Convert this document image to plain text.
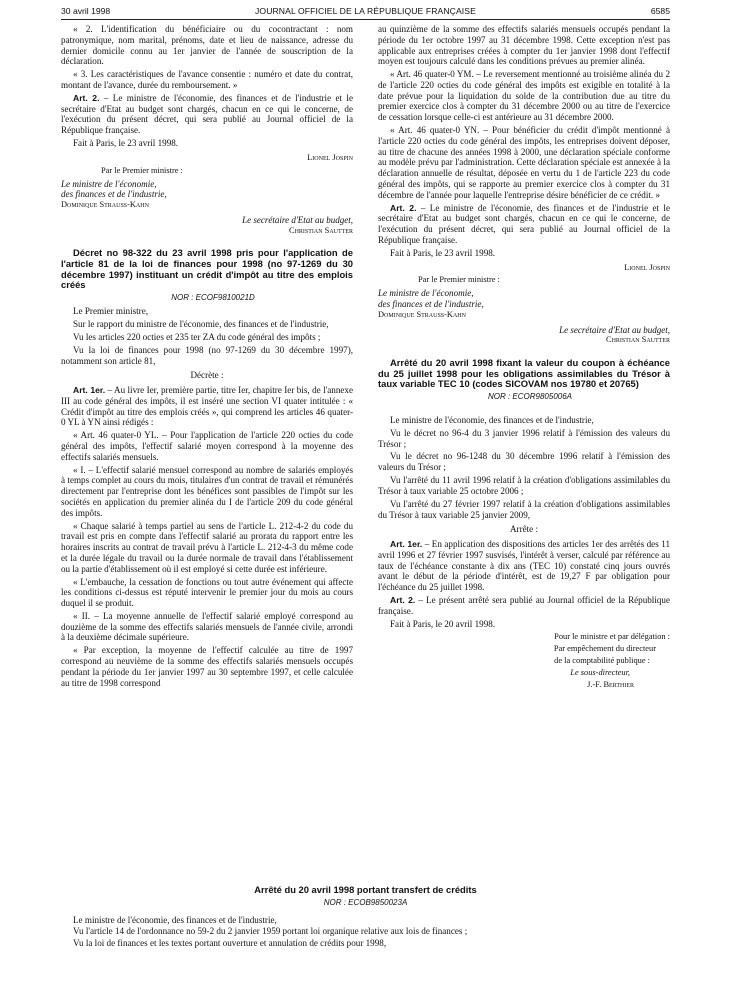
30 avril 1998	JOURNAL OFFICIEL DE LA RÉPUBLIQUE FRANÇAISE	6585

« 2. L'identification du bénéficiaire ou du cocontractant : nom patronymique, nom marital, prénoms, date et lieu de naissance, adresse du dernier domicile connu au 1er janvier de l'année de souscription de la déclaration.

« 3. Les caractéristiques de l'avance consentie : numéro et date du contrat, montant de l'avance, durée du remboursement. »

Art. 2. – Le ministre de l'économie, des finances et de l'industrie et le secrétaire d'Etat au budget sont chargés, chacun en ce qui le concerne, de l'exécution du présent décret, qui sera publié au Journal officiel de la République française.

Fait à Paris, le 23 avril 1998.

Lionel Jospin

Par le Premier ministre :

Le ministre de l'économie,

des finances et de l'industrie,

Dominique Strauss-Kahn

Le secrétaire d'Etat au budget,

Christian Sautter

Décret no 98-322 du 23 avril 1998 pris pour l'application de l'article 81 de la loi de finances pour 1998 (no 97-1269 du 30 décembre 1997) instituant un crédit d'impôt au titre des emplois créés

NOR : ECOF9810021D

Le Premier ministre,

Sur le rapport du ministre de l'économie, des finances et de l'industrie,

Vu les articles 220 octies et 235 ter ZA du code général des impôts ;

Vu la loi de finances pour 1998 (no 97-1269 du 30 décembre 1997), notamment son article 81,

Décrète :

Art. 1er. – Au livre Ier, première partie, titre Ier, chapitre Ier bis, de l'annexe III au code général des impôts, il est inséré une section VI quater intitulée : « Crédit d'impôt au titre des emplois créés », qui comprend les articles 46 quater-0 YL à YN ainsi rédigés :

« Art. 46 quater-0 YL. – Pour l'application de l'article 220 octies du code général des impôts, l'effectif salarié moyen correspond à la moyenne des effectifs salariés mensuels.

« I. – L'effectif salarié mensuel correspond au nombre de salariés employés à temps complet au cours du mois, titulaires d'un contrat de travail et rémunérés directement par l'entreprise dont les bénéfices sont passibles de l'impôt sur les sociétés en application du premier alinéa du I de l'article 209 du code général des impôts.

« Chaque salarié à temps partiel au sens de l'article L. 212-4-2 du code du travail est pris en compte dans l'effectif salarié au prorata du rapport entre les horaires inscrits au contrat de travail prévu à l'article L. 212-4-3 du même code et la durée légale du travail ou la durée normale de travail dans l'établissement ou la partie d'établissement où il est employé si cette durée est inférieure.

« L'embauche, la cessation de fonctions ou tout autre événement qui affecte les conditions ci-dessus est réputé intervenir le premier jour du mois au cours duquel il se produit.

« II. – La moyenne annuelle de l'effectif salarié employé correspond au douzième de la somme des effectifs salariés mensuels de l'année civile, arrondi à la deuxième décimale supérieure.

« Par exception, la moyenne de l'effectif calculée au titre de 1997 correspond au neuvième de la somme des effectifs salariés mensuels occupés pendant la période du 1er janvier 1997 au 30 septembre 1997, et celle calculée au titre de 1998 correspond

au quinzième de la somme des effectifs salariés mensuels occupés pendant la période du 1er octobre 1997 au 31 décembre 1998. Cette exception n'est pas applicable aux entreprises créées à compter du 1er janvier 1998 dont l'effectif moyen est toujours calculé dans les conditions prévues au premier alinéa.

« Art. 46 quater-0 YM. – Le reversement mentionné au troisième alinéa du 2 de l'article 220 octies du code général des impôts est exigible en totalité à la date prévue pour la liquidation du solde de la contribution due au titre du premier exercice clos à compter du 31 décembre 2000 ou au titre de l'exercice de cessation lorsque celle-ci est antérieure au 31 décembre 2000.

« Art. 46 quater-0 YN. – Pour bénéficier du crédit d'impôt mentionné à l'article 220 octies du code général des impôts, les entreprises doivent déposer, au titre de chacune des années 1998 à 2000, une déclaration spéciale conforme au modèle prévu par l'administration. Cette déclaration spéciale est annexée à la déclaration annuelle de résultat, déposée en vertu du 1 de l'article 223 du code général des impôts, qui se rapporte au premier exercice clos à compter du 31 décembre de l'année pour laquelle l'entreprise désire bénéficier de ce crédit. »

Art. 2. – Le ministre de l'économie, des finances et de l'industrie et le secrétaire d'Etat au budget sont chargés, chacun en ce qui le concerne, de l'exécution du présent décret, qui sera publié au Journal officiel de la République française.

Fait à Paris, le 23 avril 1998.

Lionel Jospin

Par le Premier ministre :

Le ministre de l'économie,

des finances et de l'industrie,

Dominique Strauss-Kahn

Le secrétaire d'Etat au budget,

Christian Sautter

Arrêté du 20 avril 1998 fixant la valeur du coupon à échéance du 25 juillet 1998 pour les obligations assimilables du Trésor à taux variable TEC 10 (codes SICOVAM nos 19780 et 20765)

NOR : ECOR9805006A

Le ministre de l'économie, des finances et de l'industrie,

Vu le décret no 96-4 du 3 janvier 1996 relatif à l'émission des valeurs du Trésor ;

Vu le décret no 96-1248 du 30 décembre 1996 relatif à l'émission des valeurs du Trésor ;

Vu l'arrêté du 11 avril 1996 relatif à la création d'obligations assimilables du Trésor à taux variable 25 octobre 2006 ;

Vu l'arrêté du 27 février 1997 relatif à la création d'obligations assimilables du Trésor à taux variable 25 janvier 2009,

Arrête :

Art. 1er. – En application des dispositions des articles 1er des arrêtés des 11 avril 1996 et 27 février 1997 susvisés, l'intérêt à verser, calculé par référence au taux de l'échéance constante à dix ans (TEC 10) constaté cinq jours ouvrés avant le début de la période d'intérêt, est de 19,27 F par obligation pour l'échéance du 25 juillet 1998.

Art. 2. – Le présent arrêté sera publié au Journal officiel de la République française.

Fait à Paris, le 20 avril 1998.

Pour le ministre et par délégation :

Par empêchement du directeur

de la comptabilité publique :

Le sous-directeur,

J.-F. Berthier

Arrêté du 20 avril 1998 portant transfert de crédits
NOR : ECOB9850023A

Le ministre de l'économie, des finances et de l'industrie,

Vu l'article 14 de l'ordonnance no 59-2 du 2 janvier 1959 portant loi organique relative aux lois de finances ;

Vu la loi de finances et les textes portant ouverture et annulation de crédits pour 1998,
